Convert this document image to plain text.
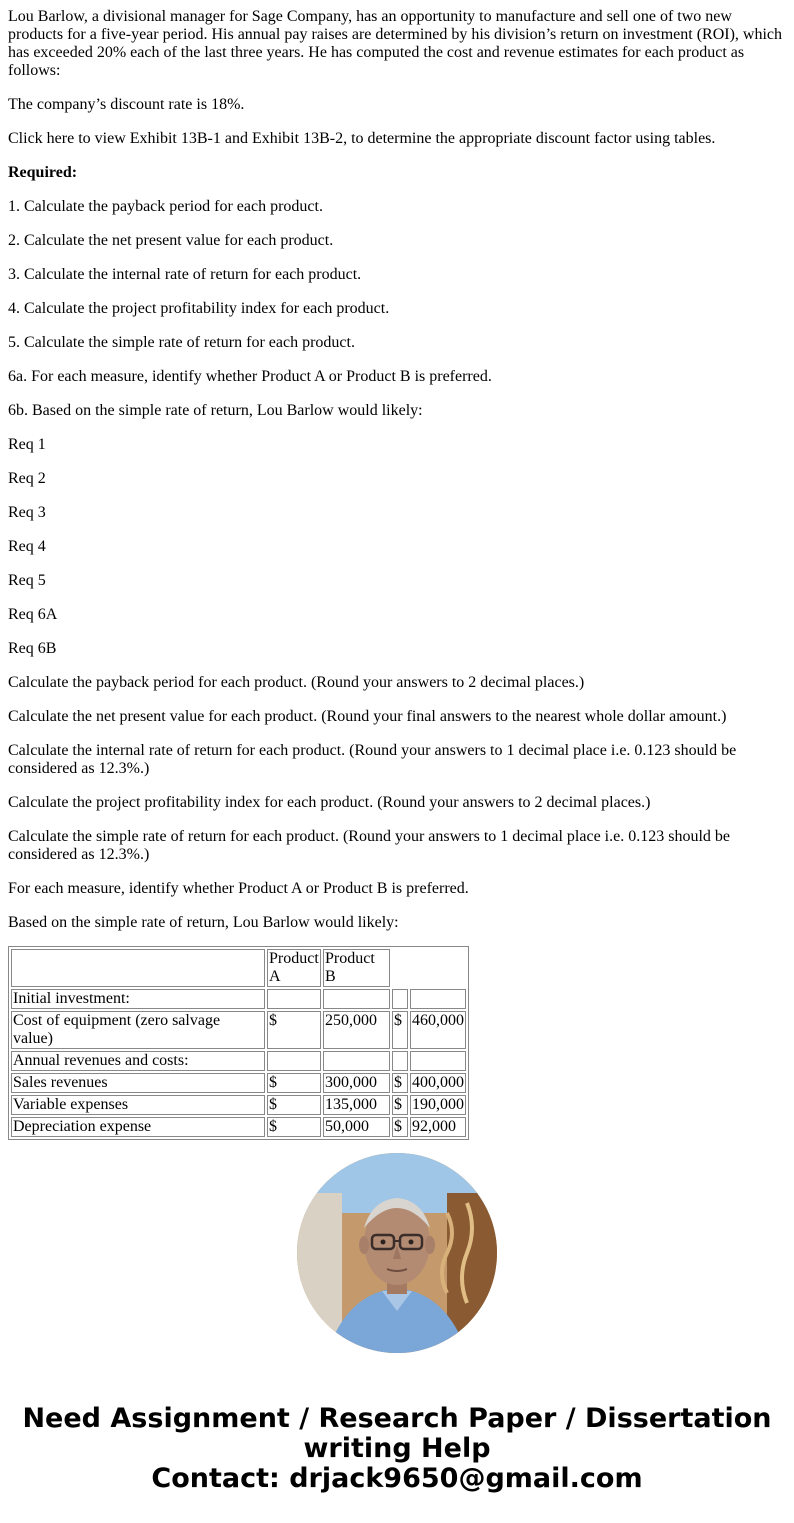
Lou Barlow, a divisional manager for Sage Company, has an opportunity to manufacture and sell one of two new products for a five-year period. His annual pay raises are determined by his division’s return on investment (ROI), which has exceeded 20% each of the last three years. He has computed the cost and revenue estimates for each product as follows:

The company’s discount rate is 18%.

Click here to view Exhibit 13B-1 and Exhibit 13B-2, to determine the appropriate discount factor using tables.

Required:

1. Calculate the payback period for each product.

2. Calculate the net present value for each product.

3. Calculate the internal rate of return for each product.

4. Calculate the project profitability index for each product.

5. Calculate the simple rate of return for each product.

6a. For each measure, identify whether Product A or Product B is preferred.

6b. Based on the simple rate of return, Lou Barlow would likely:

Req 1

Req 2

Req 3

Req 4

Req 5

Req 6A

Req 6B

Calculate the payback period for each product. (Round your answers to 2 decimal places.)

Calculate the net present value for each product. (Round your final answers to the nearest whole dollar amount.)

Calculate the internal rate of return for each product. (Round your answers to 1 decimal place i.e. 0.123 should be considered as 12.3%.)

Calculate the project profitability index for each product. (Round your answers to 2 decimal places.)

Calculate the simple rate of return for each product. (Round your answers to 1 decimal place i.e. 0.123 should be considered as 12.3%.)

For each measure, identify whether Product A or Product B is preferred.

Based on the simple rate of return, Lou Barlow would likely:

	Product A	Product B		
Initial investment:				
Cost of equipment (zero salvage value)	$	250,000	$	460,000
Annual revenues and costs:				
Sales revenues	$	300,000	$	400,000
Variable expenses	$	135,000	$	190,000
Depreciation expense	$	50,000	$	92,000
Need Assignment / Research Paper / Dissertation
writing Help
Contact: drjack9650@gmail.com
